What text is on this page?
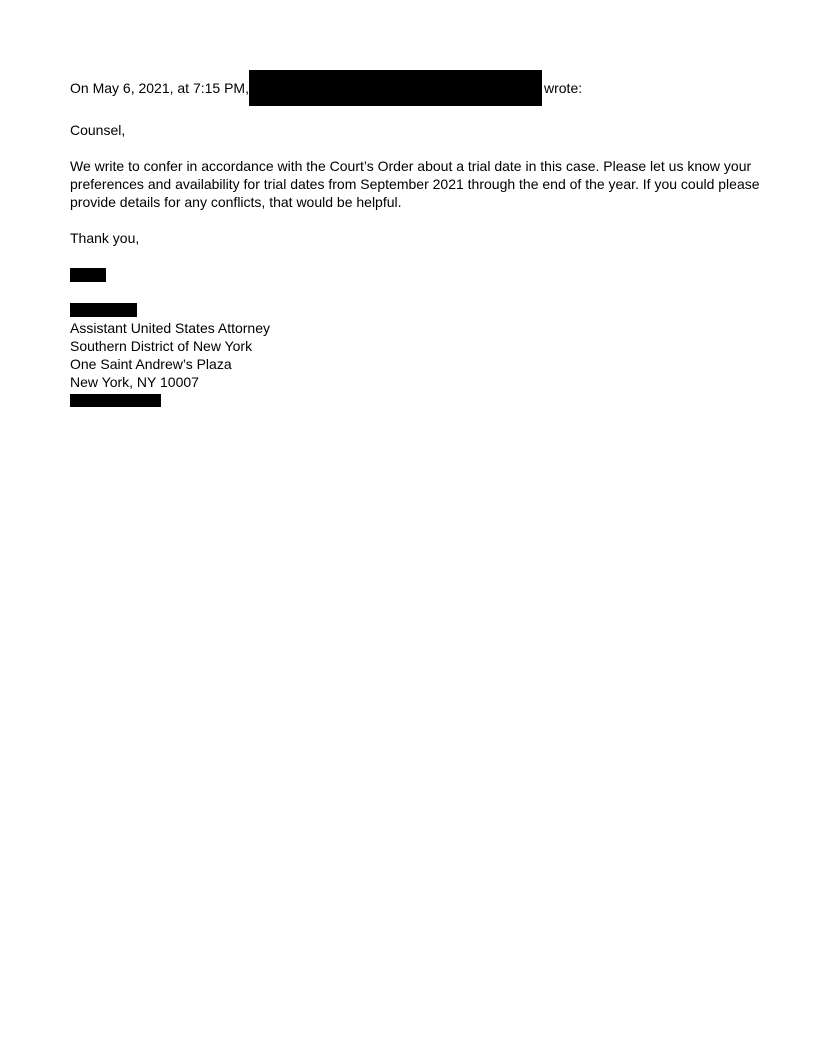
On May 6, 2021, at 7:15 PM,	wrote:
Counsel,
We write to confer in accordance with the Court’s Order about a trial date in this case. Please let us know your
preferences and availability for trial dates from September 2021 through the end of the year. If you could please
provide details for any conflicts, that would be helpful.
Thank you,
Assistant United States Attorney
Southern District of New York
One Saint Andrew’s Plaza
New York, NY 10007
